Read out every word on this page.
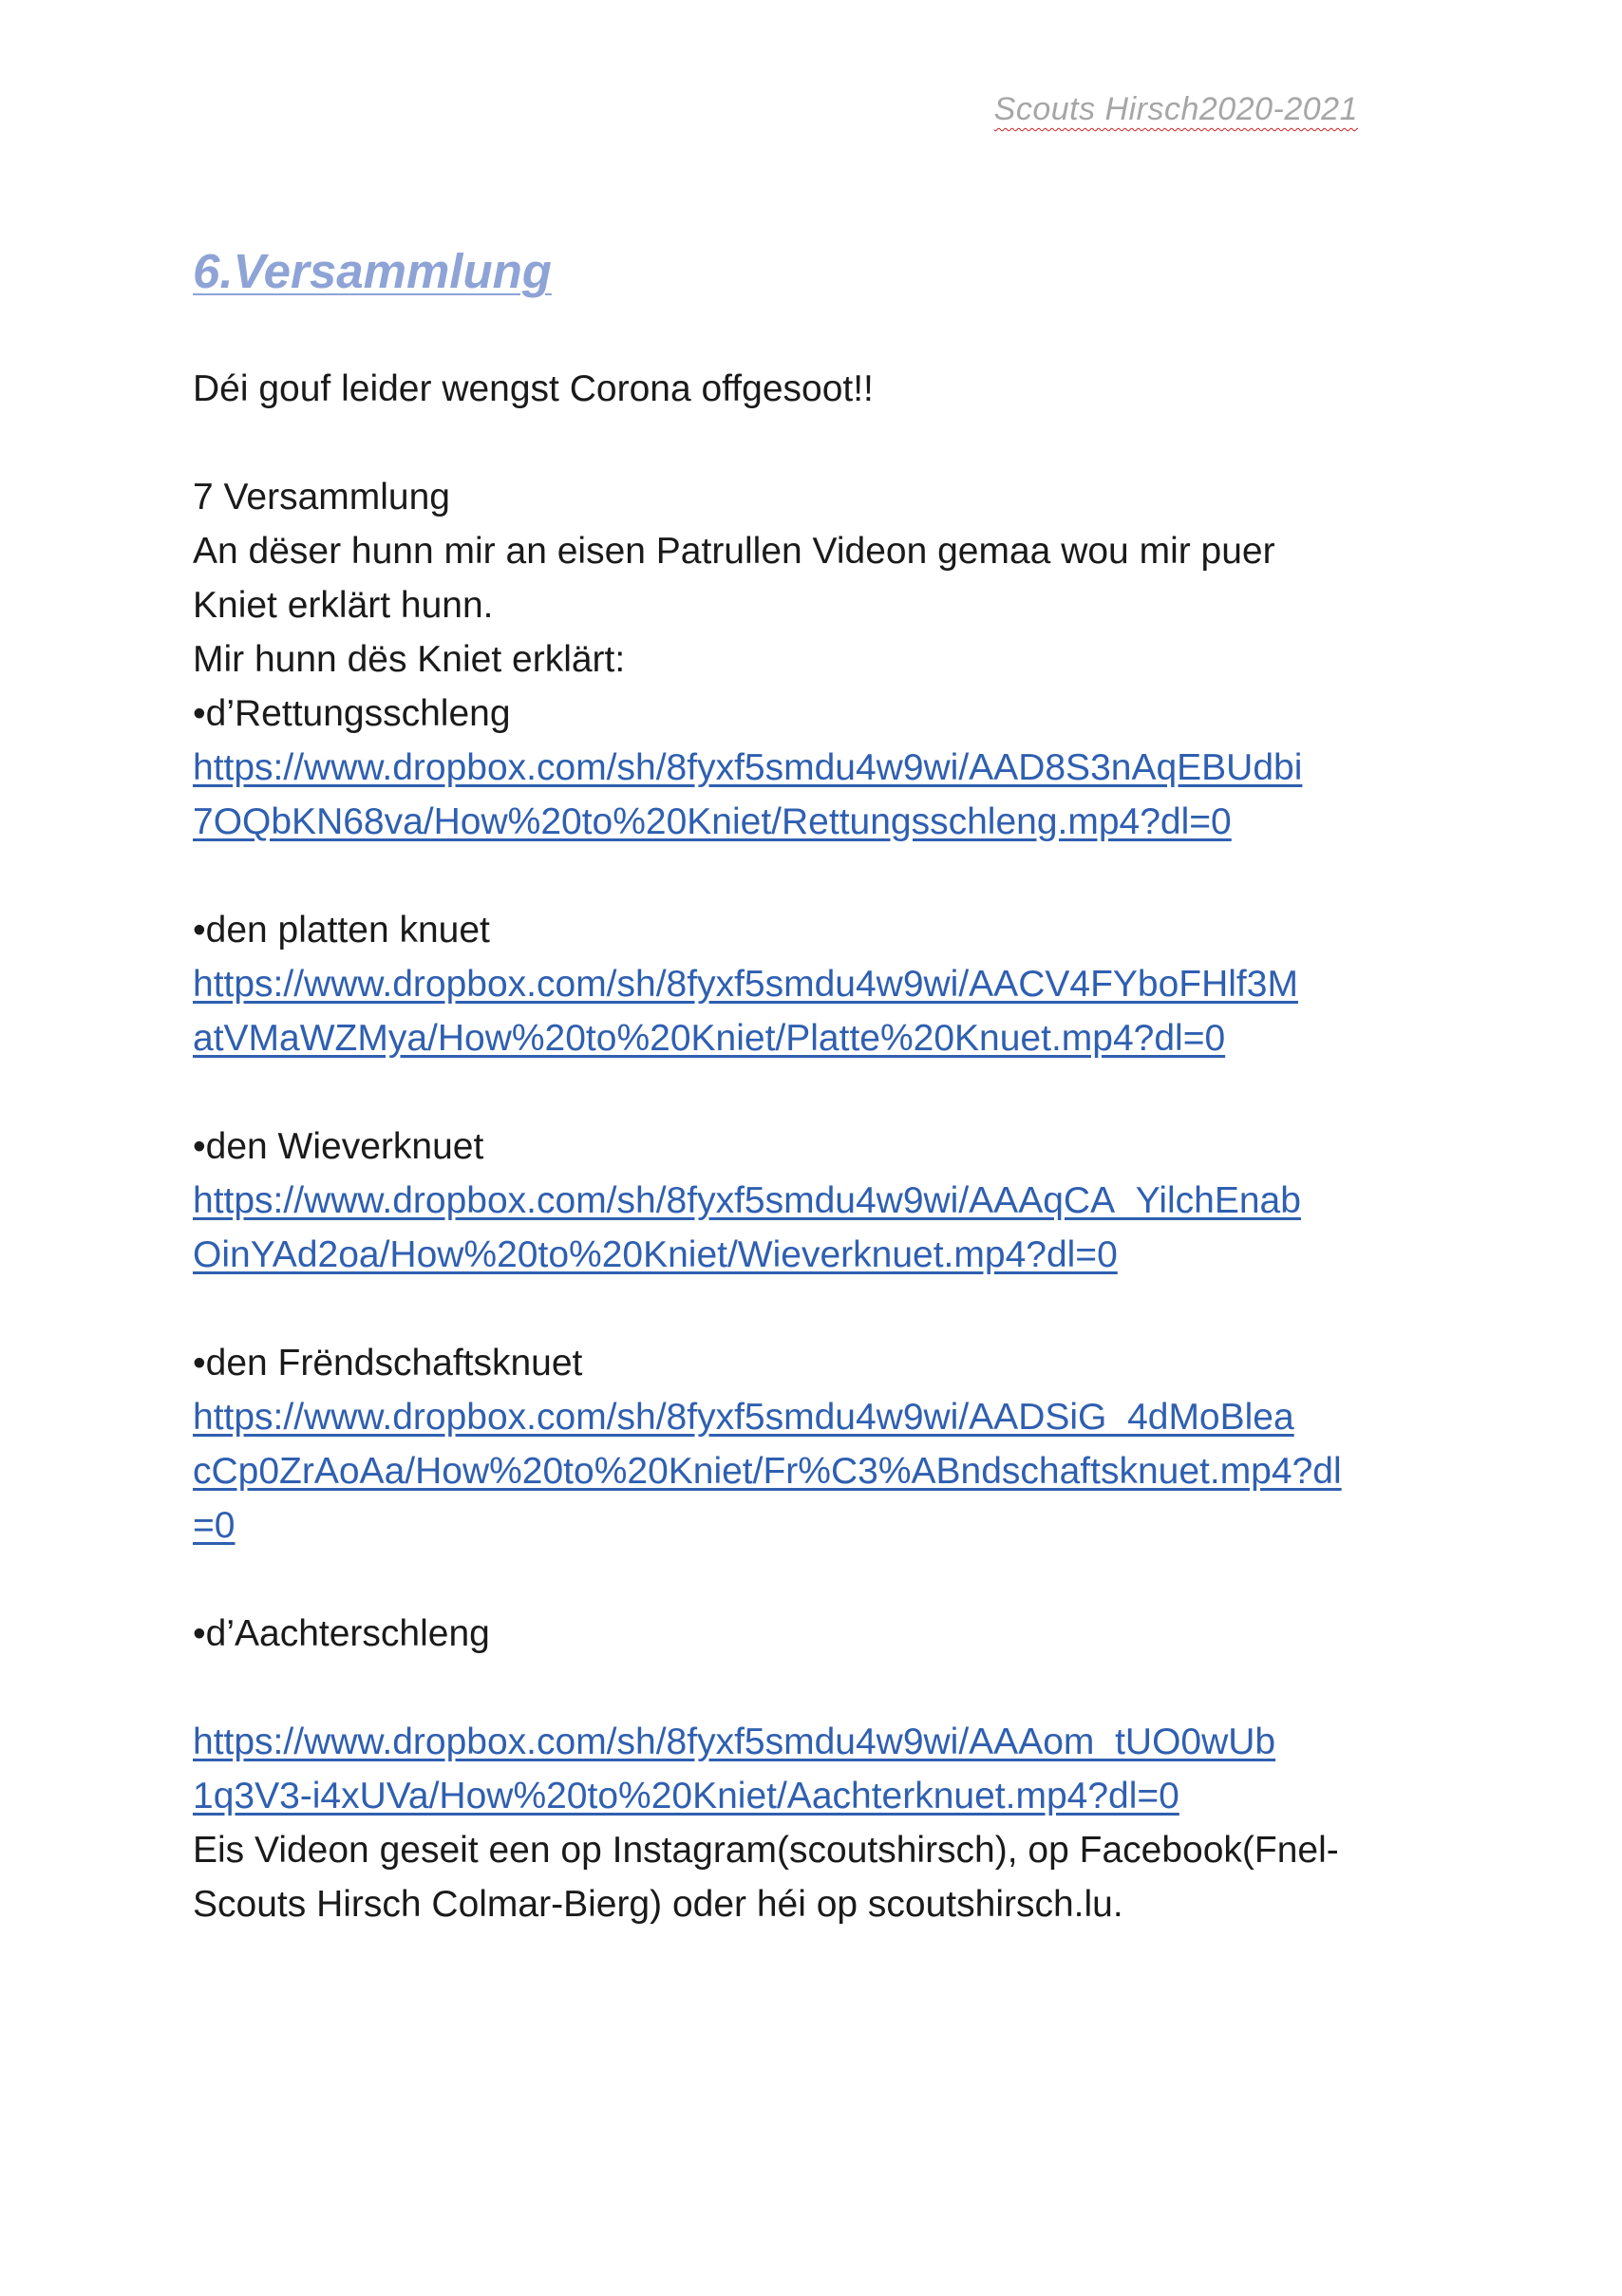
Scouts Hirsch2020-2021
6.Versammlung
Déi gouf leider wengst Corona offgesoot!!
7 Versammlung
An dëser hunn mir an eisen Patrullen Videon gemaa wou mir puer
Kniet erklärt hunn.
Mir hunn dës Kniet erklärt:
•d’Rettungsschleng
https://www.dropbox.com/sh/8fyxf5smdu4w9wi/AAD8S3nAqEBUdbi
7OQbKN68va/How%20to%20Kniet/Rettungsschleng.mp4?dl=0
•den platten knuet
https://www.dropbox.com/sh/8fyxf5smdu4w9wi/AACV4FYboFHlf3M
atVMaWZMya/How%20to%20Kniet/Platte%20Knuet.mp4?dl=0
•den Wieverknuet
https://www.dropbox.com/sh/8fyxf5smdu4w9wi/AAAqCA_YilchEnab
OinYAd2oa/How%20to%20Kniet/Wieverknuet.mp4?dl=0
•den Frëndschaftsknuet
https://www.dropbox.com/sh/8fyxf5smdu4w9wi/AADSiG_4dMoBlea
cCp0ZrAoAa/How%20to%20Kniet/Fr%C3%ABndschaftsknuet.mp4?dl
=0
•d’Aachterschleng
https://www.dropbox.com/sh/8fyxf5smdu4w9wi/AAAom_tUO0wUb
1q3V3-i4xUVa/How%20to%20Kniet/Aachterknuet.mp4?dl=0
Eis Videon geseit een op Instagram(scoutshirsch), op Facebook(Fnel-
Scouts Hirsch Colmar-Bierg) oder héi op scoutshirsch.lu.
